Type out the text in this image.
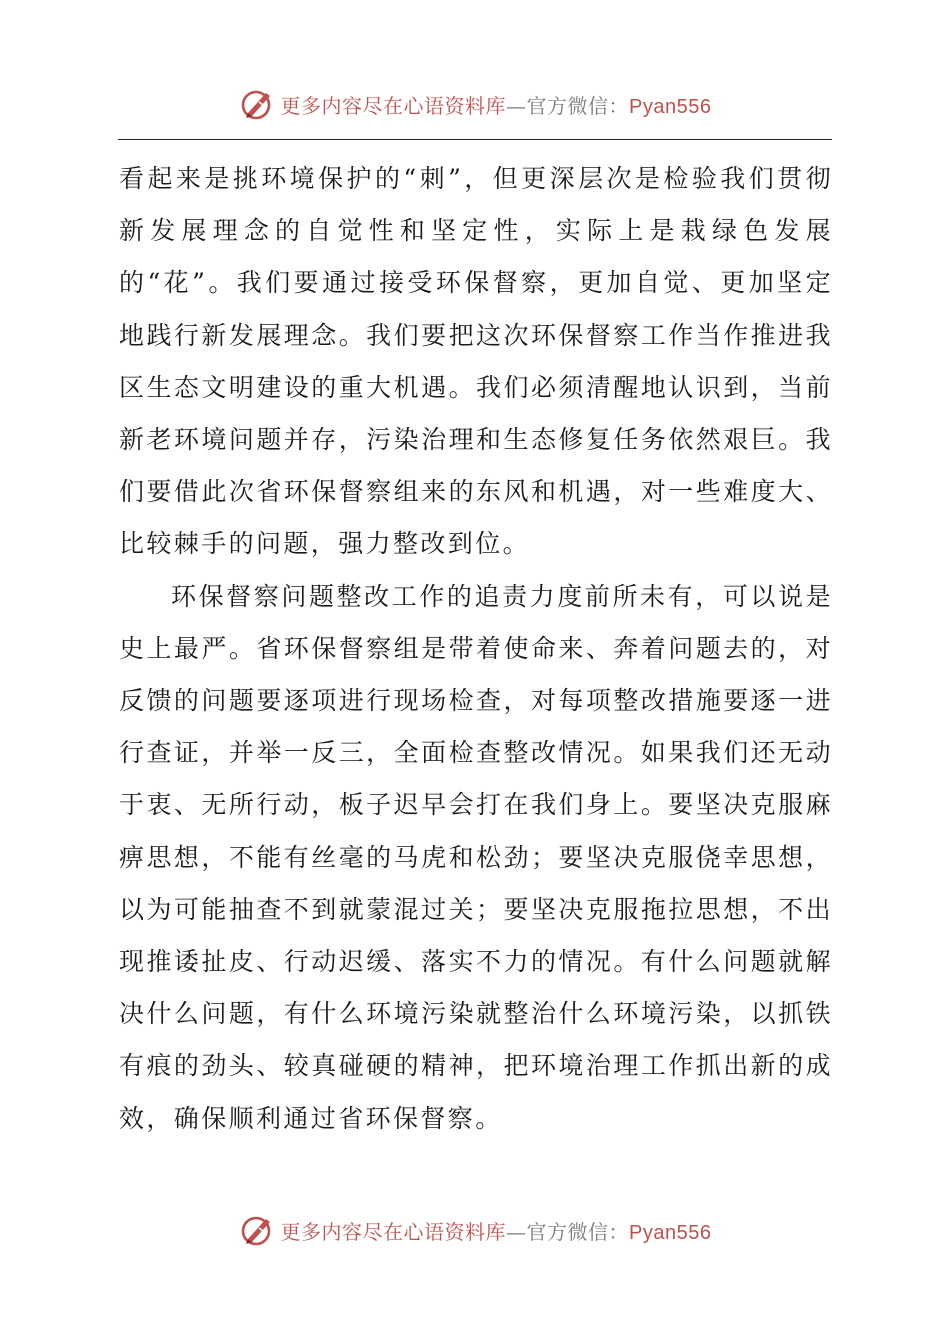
更多内容尽在心语资料库—官方微信：Pyan556

看起来是挑环境保护的“刺”，但更深层次是检验我们贯彻新发展理念的自觉性和坚定性，实际上是栽绿色发展的“花”。我们要通过接受环保督察，更加自觉、更加坚定地践行新发展理念。我们要把这次环保督察工作当作推进我区生态文明建设的重大机遇。我们必须清醒地认识到，当前新老环境问题并存，污染治理和生态修复任务依然艰巨。我们要借此次省环保督察组来的东风和机遇，对一些难度大、比较棘手的问题，强力整改到位。

环保督察问题整改工作的追责力度前所未有，可以说是史上最严。省环保督察组是带着使命来、奔着问题去的，对反馈的问题要逐项进行现场检查，对每项整改措施要逐一进行查证，并举一反三，全面检查整改情况。如果我们还无动于衷、无所行动，板子迟早会打在我们身上。要坚决克服麻痹思想，不能有丝毫的马虎和松劲；要坚决克服侥幸思想，以为可能抽查不到就蒙混过关；要坚决克服拖拉思想，不出现推诿扯皮、行动迟缓、落实不力的情况。有什么问题就解决什么问题，有什么环境污染就整治什么环境污染，以抓铁有痕的劲头、较真碰硬的精神，把环境治理工作抓出新的成效，确保顺利通过省环保督察。

更多内容尽在心语资料库—官方微信：Pyan556
